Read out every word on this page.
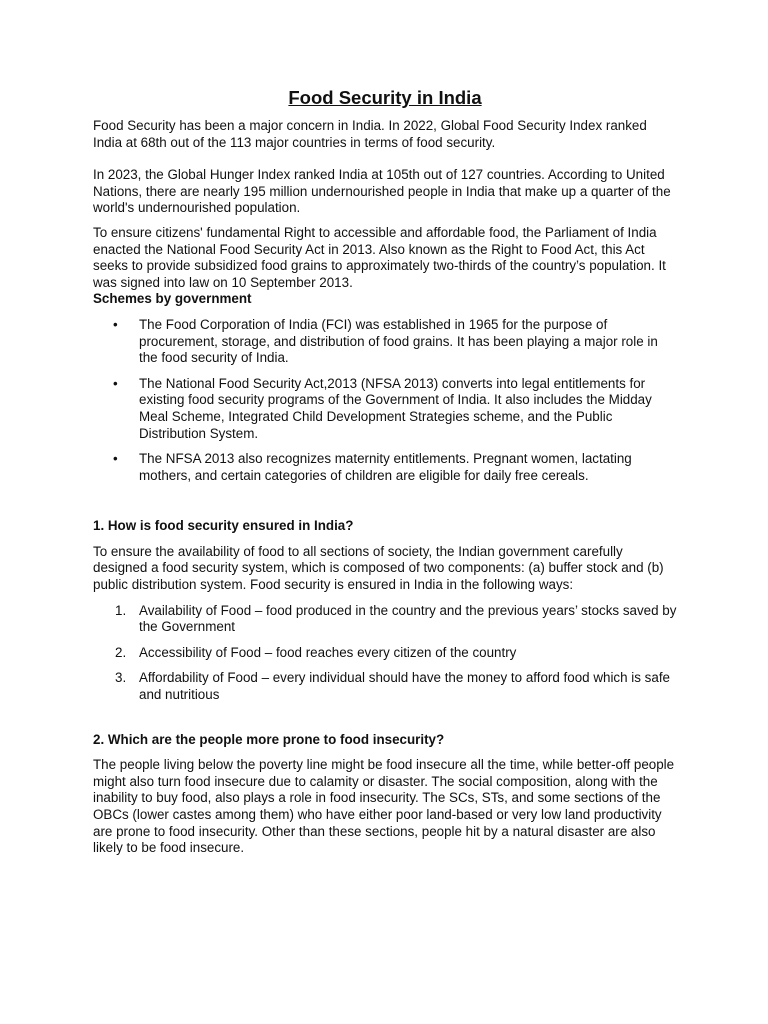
Food Security in India

Food Security has been a major concern in India. In 2022, Global Food Security Index ranked India at 68th out of the 113 major countries in terms of food security.

In 2023, the Global Hunger Index ranked India at 105th out of 127 countries. According to United Nations, there are nearly 195 million undernourished people in India that make up a quarter of the world's undernourished population.

To ensure citizens' fundamental Right to accessible and affordable food, the Parliament of India enacted the National Food Security Act in 2013. Also known as the Right to Food Act, this Act seeks to provide subsidized food grains to approximately two-thirds of the country’s population. It was signed into law on 10 September 2013.

Schemes by government

• The Food Corporation of India (FCI) was established in 1965 for the purpose of procurement, storage, and distribution of food grains. It has been playing a major role in the food security of India.
• The National Food Security Act,2013 (NFSA 2013) converts into legal entitlements for existing food security programs of the Government of India. It also includes the Midday Meal Scheme, Integrated Child Development Strategies scheme, and the Public Distribution System.
• The NFSA 2013 also recognizes maternity entitlements. Pregnant women, lactating mothers, and certain categories of children are eligible for daily free cereals.

1. How is food security ensured in India?

To ensure the availability of food to all sections of society, the Indian government carefully designed a food security system, which is composed of two components: (a) buffer stock and (b) public distribution system. Food security is ensured in India in the following ways:

1. Availability of Food – food produced in the country and the previous years’ stocks saved by the Government
2. Accessibility of Food – food reaches every citizen of the country
3. Affordability of Food – every individual should have the money to afford food which is safe and nutritious

2. Which are the people more prone to food insecurity?

The people living below the poverty line might be food insecure all the time, while better-off people might also turn food insecure due to calamity or disaster. The social composition, along with the inability to buy food, also plays a role in food insecurity. The SCs, STs, and some sections of the OBCs (lower castes among them) who have either poor land-based or very low land productivity are prone to food insecurity. Other than these sections, people hit by a natural disaster are also likely to be food insecure.
